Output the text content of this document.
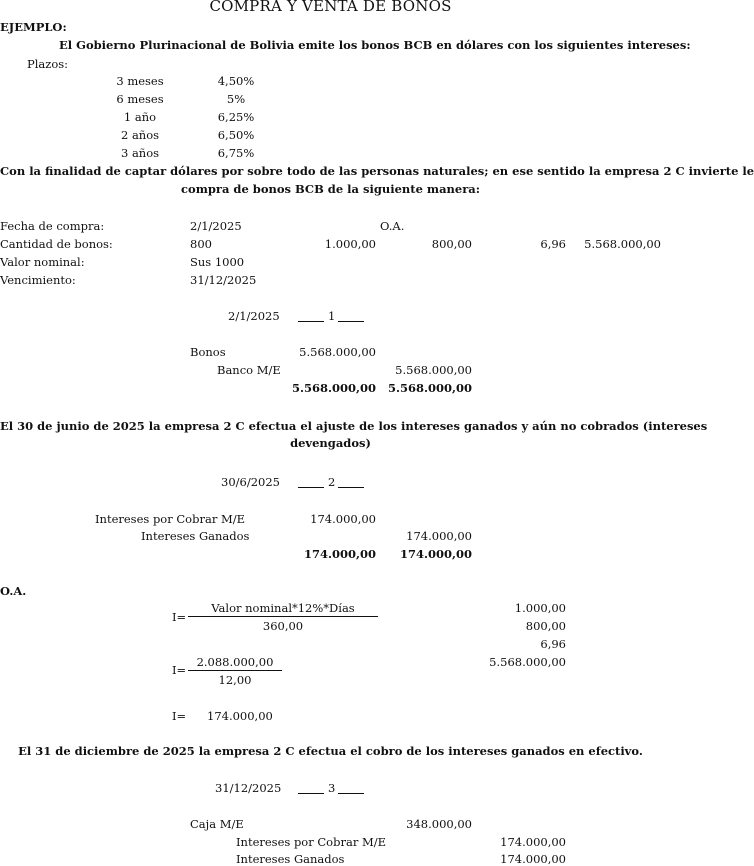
COMPRA Y VENTA DE BONOS
EJEMPLO:
El Gobierno Plurinacional de Bolivia emite los bonos BCB en dólares con los siguientes intereses:
Plazos:
3 meses	4,50%
6 meses	5%
1 año	6,25%
2 años	6,50%
3 años	6,75%
Con la finalidad de captar dólares por sobre todo de las personas naturales; en ese sentido la empresa 2 C invierte le
compra de bonos BCB de la siguiente manera:
Fecha de compra:	2/1/2025	O.A.
Cantidad de bonos:	800	1.000,00	800,00	6,96	5.568.000,00
Valor nominal:	Sus 1000
Vencimiento:	31/12/2025
2/1/2025	1
Bonos	5.568.000,00
Banco M/E	5.568.000,00
5.568.000,00 5.568.000,00
El 30 de junio de 2025 la empresa 2 C efectua el ajuste de los intereses ganados y aún no cobrados (intereses
devengados)
30/6/2025	2
Intereses por Cobrar M/E	174.000,00
Intereses Ganados	174.000,00
174.000,00	174.000,00
O.A.
I=
Valor nominal*12%*Días
360,00
1.000,00
800,00
6,96
5.568.000,00
I=
2.088.000,00
12,00
I= 174.000,00
El 31 de diciembre de 2025 la empresa 2 C efectua el cobro de los intereses ganados en efectivo.
31/12/2025	3
Caja M/E	348.000,00
Intereses por Cobrar M/E	174.000,00
Intereses Ganados	174.000,00
